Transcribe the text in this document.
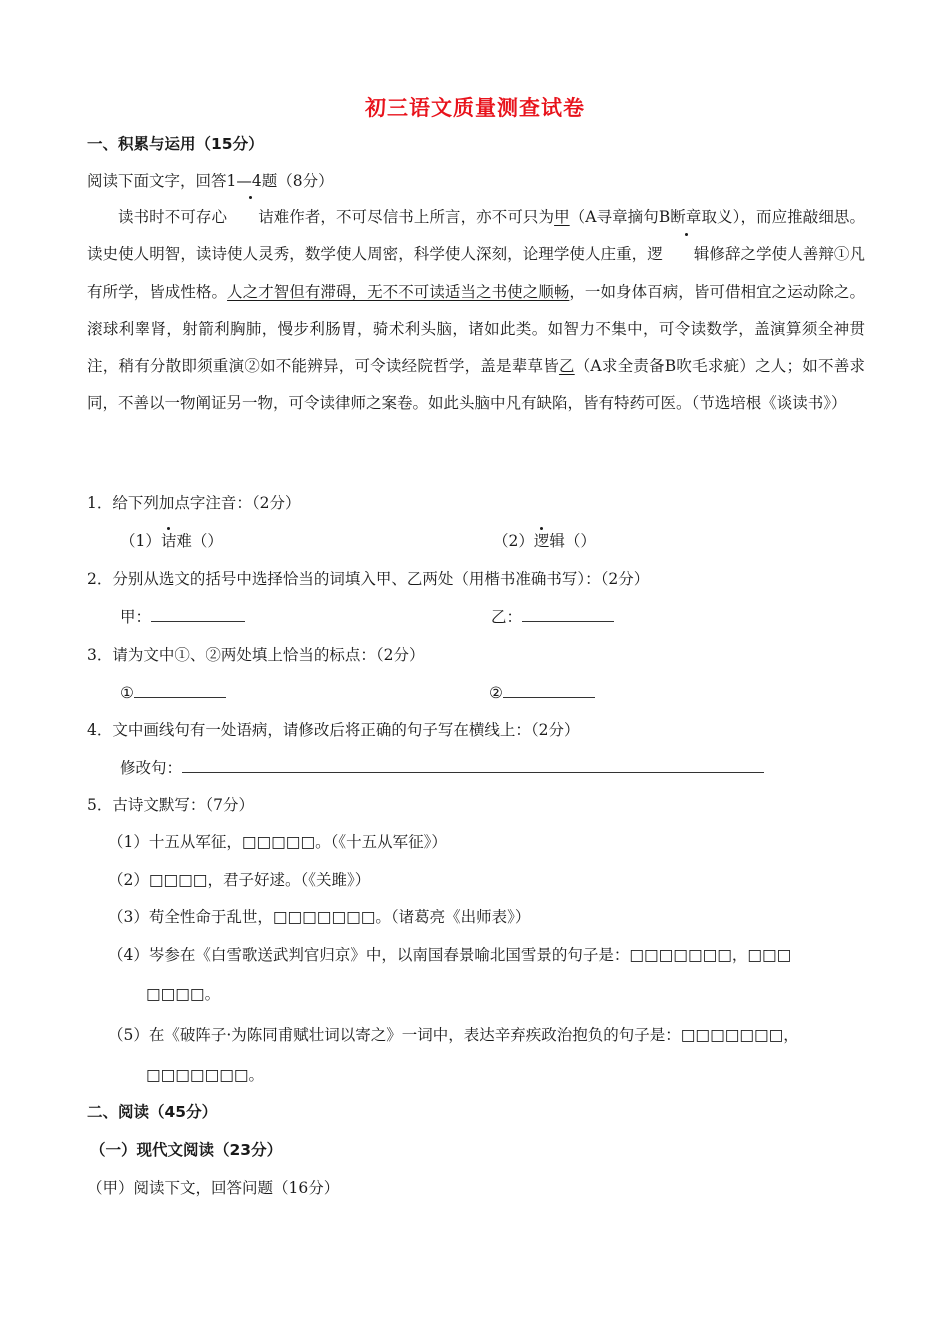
初三语文质量测查试卷
一、积累与运用（15分）
阅读下面文字，回答1—4题（8分）
读书时不可存心 诘难作者，不可尽信书上所言，亦不可只为甲（A寻章摘句B断章取义），而应推敲细思。读史使人明智，读诗使人灵秀，数学使人周密，科学使人深刻，论理学使人庄重，逻 辑修辞之学使人善辩①凡有所学，皆成性格。人之才智但有滞碍，无不不可读适当之书使之顺畅，一如身体百病，皆可借相宜之运动除之。滚球利睾肾，射箭利胸肺，慢步利肠胃，骑术利头脑，诸如此类。如智力不集中，可令读数学，盖演算须全神贯注，稍有分散即须重演②如不能辨异，可令读经院哲学，盖是辈草皆乙（A求全责备B吹毛求疵）之人；如不善求同，不善以一物阐证另一物，可令读律师之案卷。如此头脑中凡有缺陷，皆有特药可医。（节选培根《谈读书》）
1．给下列加点字注音：（2分）
（1）诘难（）	（2）逻辑（）
2．分别从选文的括号中选择恰当的词填入甲、乙两处（用楷书准确书写）：（2分）
甲：	乙：
3．请为文中①、②两处填上恰当的标点：（2分）
①	②
4．文中画线句有一处语病，请修改后将正确的句子写在横线上：（2分）
修改句：
5．古诗文默写：（7分）
（1）十五从军征，□□□□□。（《十五从军征》）
（2）□□□□，君子好逑。（《关雎》）
（3）苟全性命于乱世，□□□□□□□。（诸葛亮《出师表》）
（4）岑参在《白雪歌送武判官归京》中，以南国春景喻北国雪景的句子是：□□□□□□□，□□□
□□□□。
（5）在《破阵子·为陈同甫赋壮词以寄之》一词中，表达辛弃疾政治抱负的句子是：□□□□□□□，
□□□□□□□。
二、阅读（45分）
（一）现代文阅读（23分）
（甲）阅读下文，回答问题（16分）
